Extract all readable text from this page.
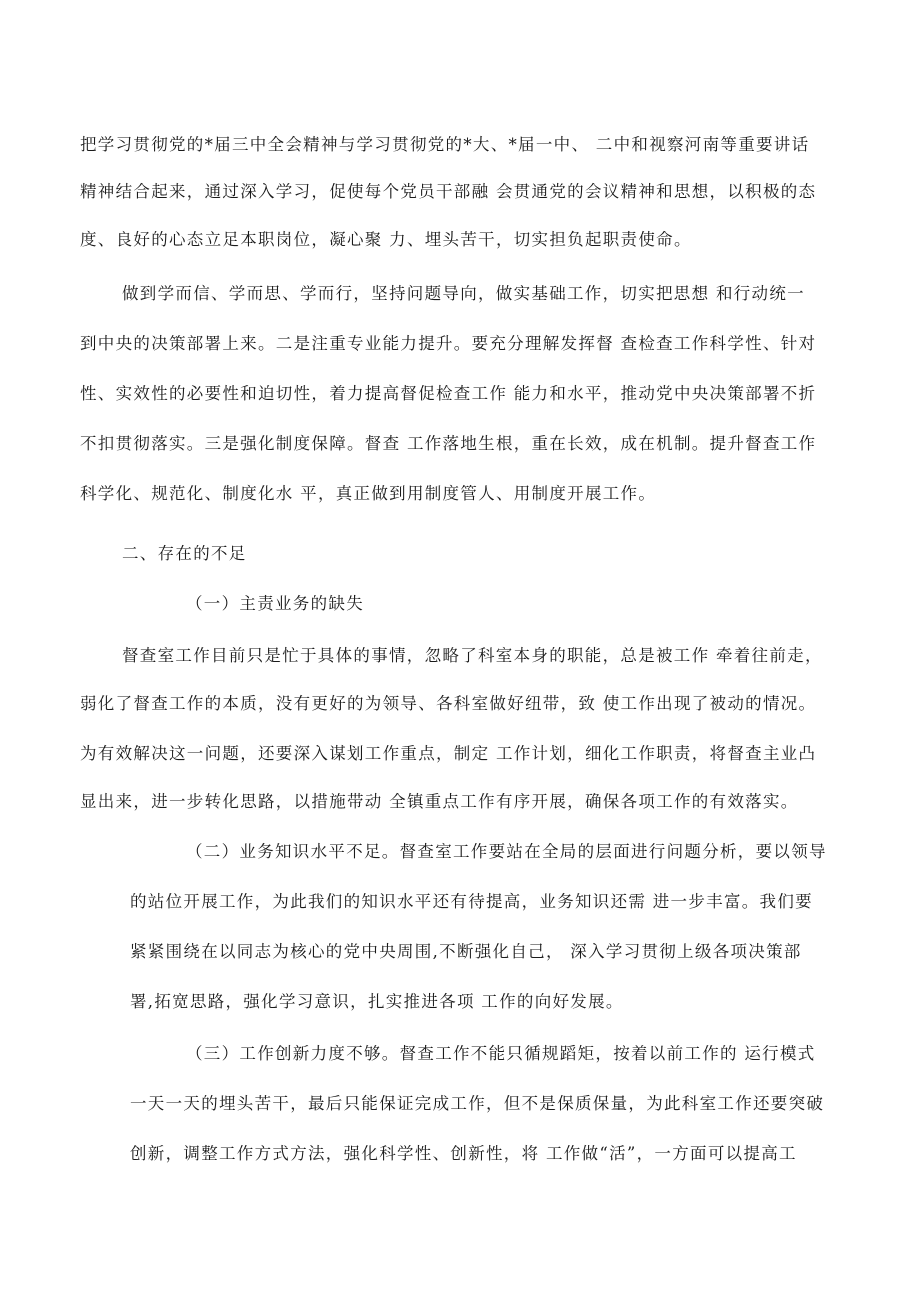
把学习贯彻党的*届三中全会精神与学习贯彻党的*大、*届一中、 二中和视察河南等重要讲话
精神结合起来，通过深入学习，促使每个党员干部融 会贯通党的会议精神和思想，以积极的态
度、良好的心态立足本职岗位，凝心聚 力、埋头苦干，切实担负起职责使命。
做到学而信、学而思、学而行，坚持问题导向，做实基础工作，切实把思想 和行动统一
到中央的决策部署上来。二是注重专业能力提升。要充分理解发挥督 查检查工作科学性、针对
性、实效性的必要性和迫切性，着力提高督促检查工作 能力和水平，推动党中央决策部署不折
不扣贯彻落实。三是强化制度保障。督查 工作落地生根，重在长效，成在机制。提升督查工作
科学化、规范化、制度化水 平，真正做到用制度管人、用制度开展工作。
二、存在的不足
（一）主责业务的缺失
督查室工作目前只是忙于具体的事情，忽略了科室本身的职能，总是被工作 牵着往前走，
弱化了督查工作的本质，没有更好的为领导、各科室做好纽带，致 使工作出现了被动的情况。
为有效解决这一问题，还要深入谋划工作重点，制定 工作计划，细化工作职责，将督查主业凸
显出来，进一步转化思路，以措施带动 全镇重点工作有序开展，确保各项工作的有效落实。
（二）业务知识水平不足。督查室工作要站在全局的层面进行问题分析，要以领导
的站位开展工作，为此我们的知识水平还有待提高，业务知识还需 进一步丰富。我们要
紧紧围绕在以同志为核心的党中央周围,不断强化自己， 深入学习贯彻上级各项决策部
署,拓宽思路，强化学习意识，扎实推进各项 工作的向好发展。
（三）工作创新力度不够。督查工作不能只循规蹈矩，按着以前工作的 运行模式
一天一天的埋头苦干，最后只能保证完成工作，但不是保质保量，为此科室工作还要突破
创新，调整工作方式方法，强化科学性、创新性，将 工作做“活”，一方面可以提高工
